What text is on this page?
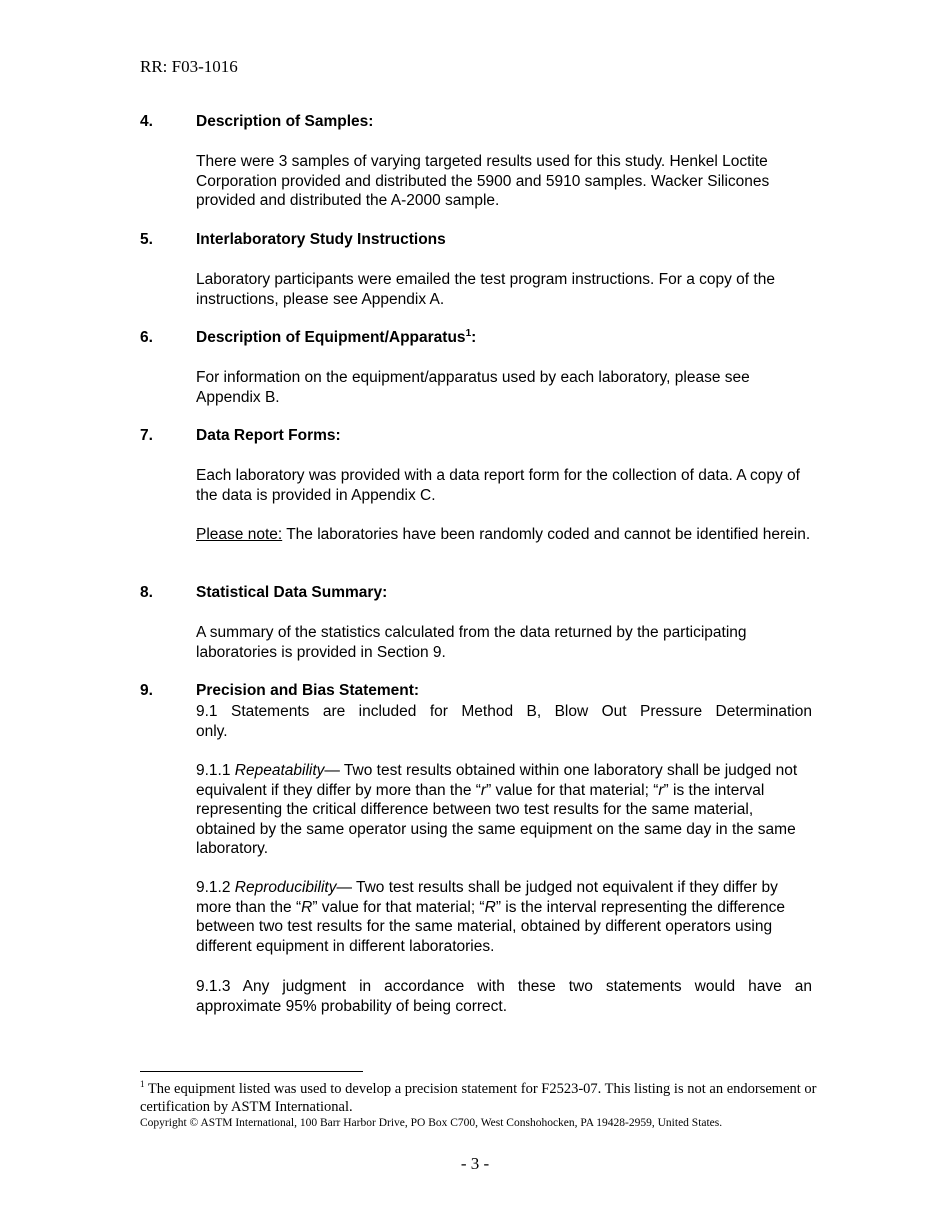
RR: F03-1016
4.	Description of Samples:
There were 3 samples of varying targeted results used for this study. Henkel Loctite Corporation provided and distributed the 5900 and 5910 samples. Wacker Silicones provided and distributed the A-2000 sample.
5.	Interlaboratory Study Instructions
Laboratory participants were emailed the test program instructions. For a copy of the instructions, please see Appendix A.
6.	Description of Equipment/Apparatus$^1$:
For information on the equipment/apparatus used by each laboratory, please see Appendix B.
7.	Data Report Forms:
Each laboratory was provided with a data report form for the collection of data. A copy of the data is provided in Appendix C.
Please note: The laboratories have been randomly coded and cannot be identified herein.
8.	Statistical Data Summary:
A summary of the statistics calculated from the data returned by the participating laboratories is provided in Section 9.
9.	Precision and Bias Statement:
9.1 Statements are included for Method B, Blow Out Pressure Determination
only.
9.1.1 Repeatability— Two test results obtained within one laboratory shall be judged not equivalent if they differ by more than the “r” value for that material; “r” is the interval representing the critical difference between two test results for the same material, obtained by the same operator using the same equipment on the same day in the same laboratory.
9.1.2 Reproducibility— Two test results shall be judged not equivalent if they differ by more than the “R” value for that material; “R” is the interval representing the difference between two test results for the same material, obtained by different operators using different equipment in different laboratories.
9.1.3 Any judgment in accordance with these two statements would have an
approximate 95% probability of being correct.
$^1$ The equipment listed was used to develop a precision statement for F2523-07. This listing is not an endorsement or certification by ASTM International.
Copyright © ASTM International, 100 Barr Harbor Drive, PO Box C700, West Conshohocken, PA 19428-2959, United States.
- 3 -
